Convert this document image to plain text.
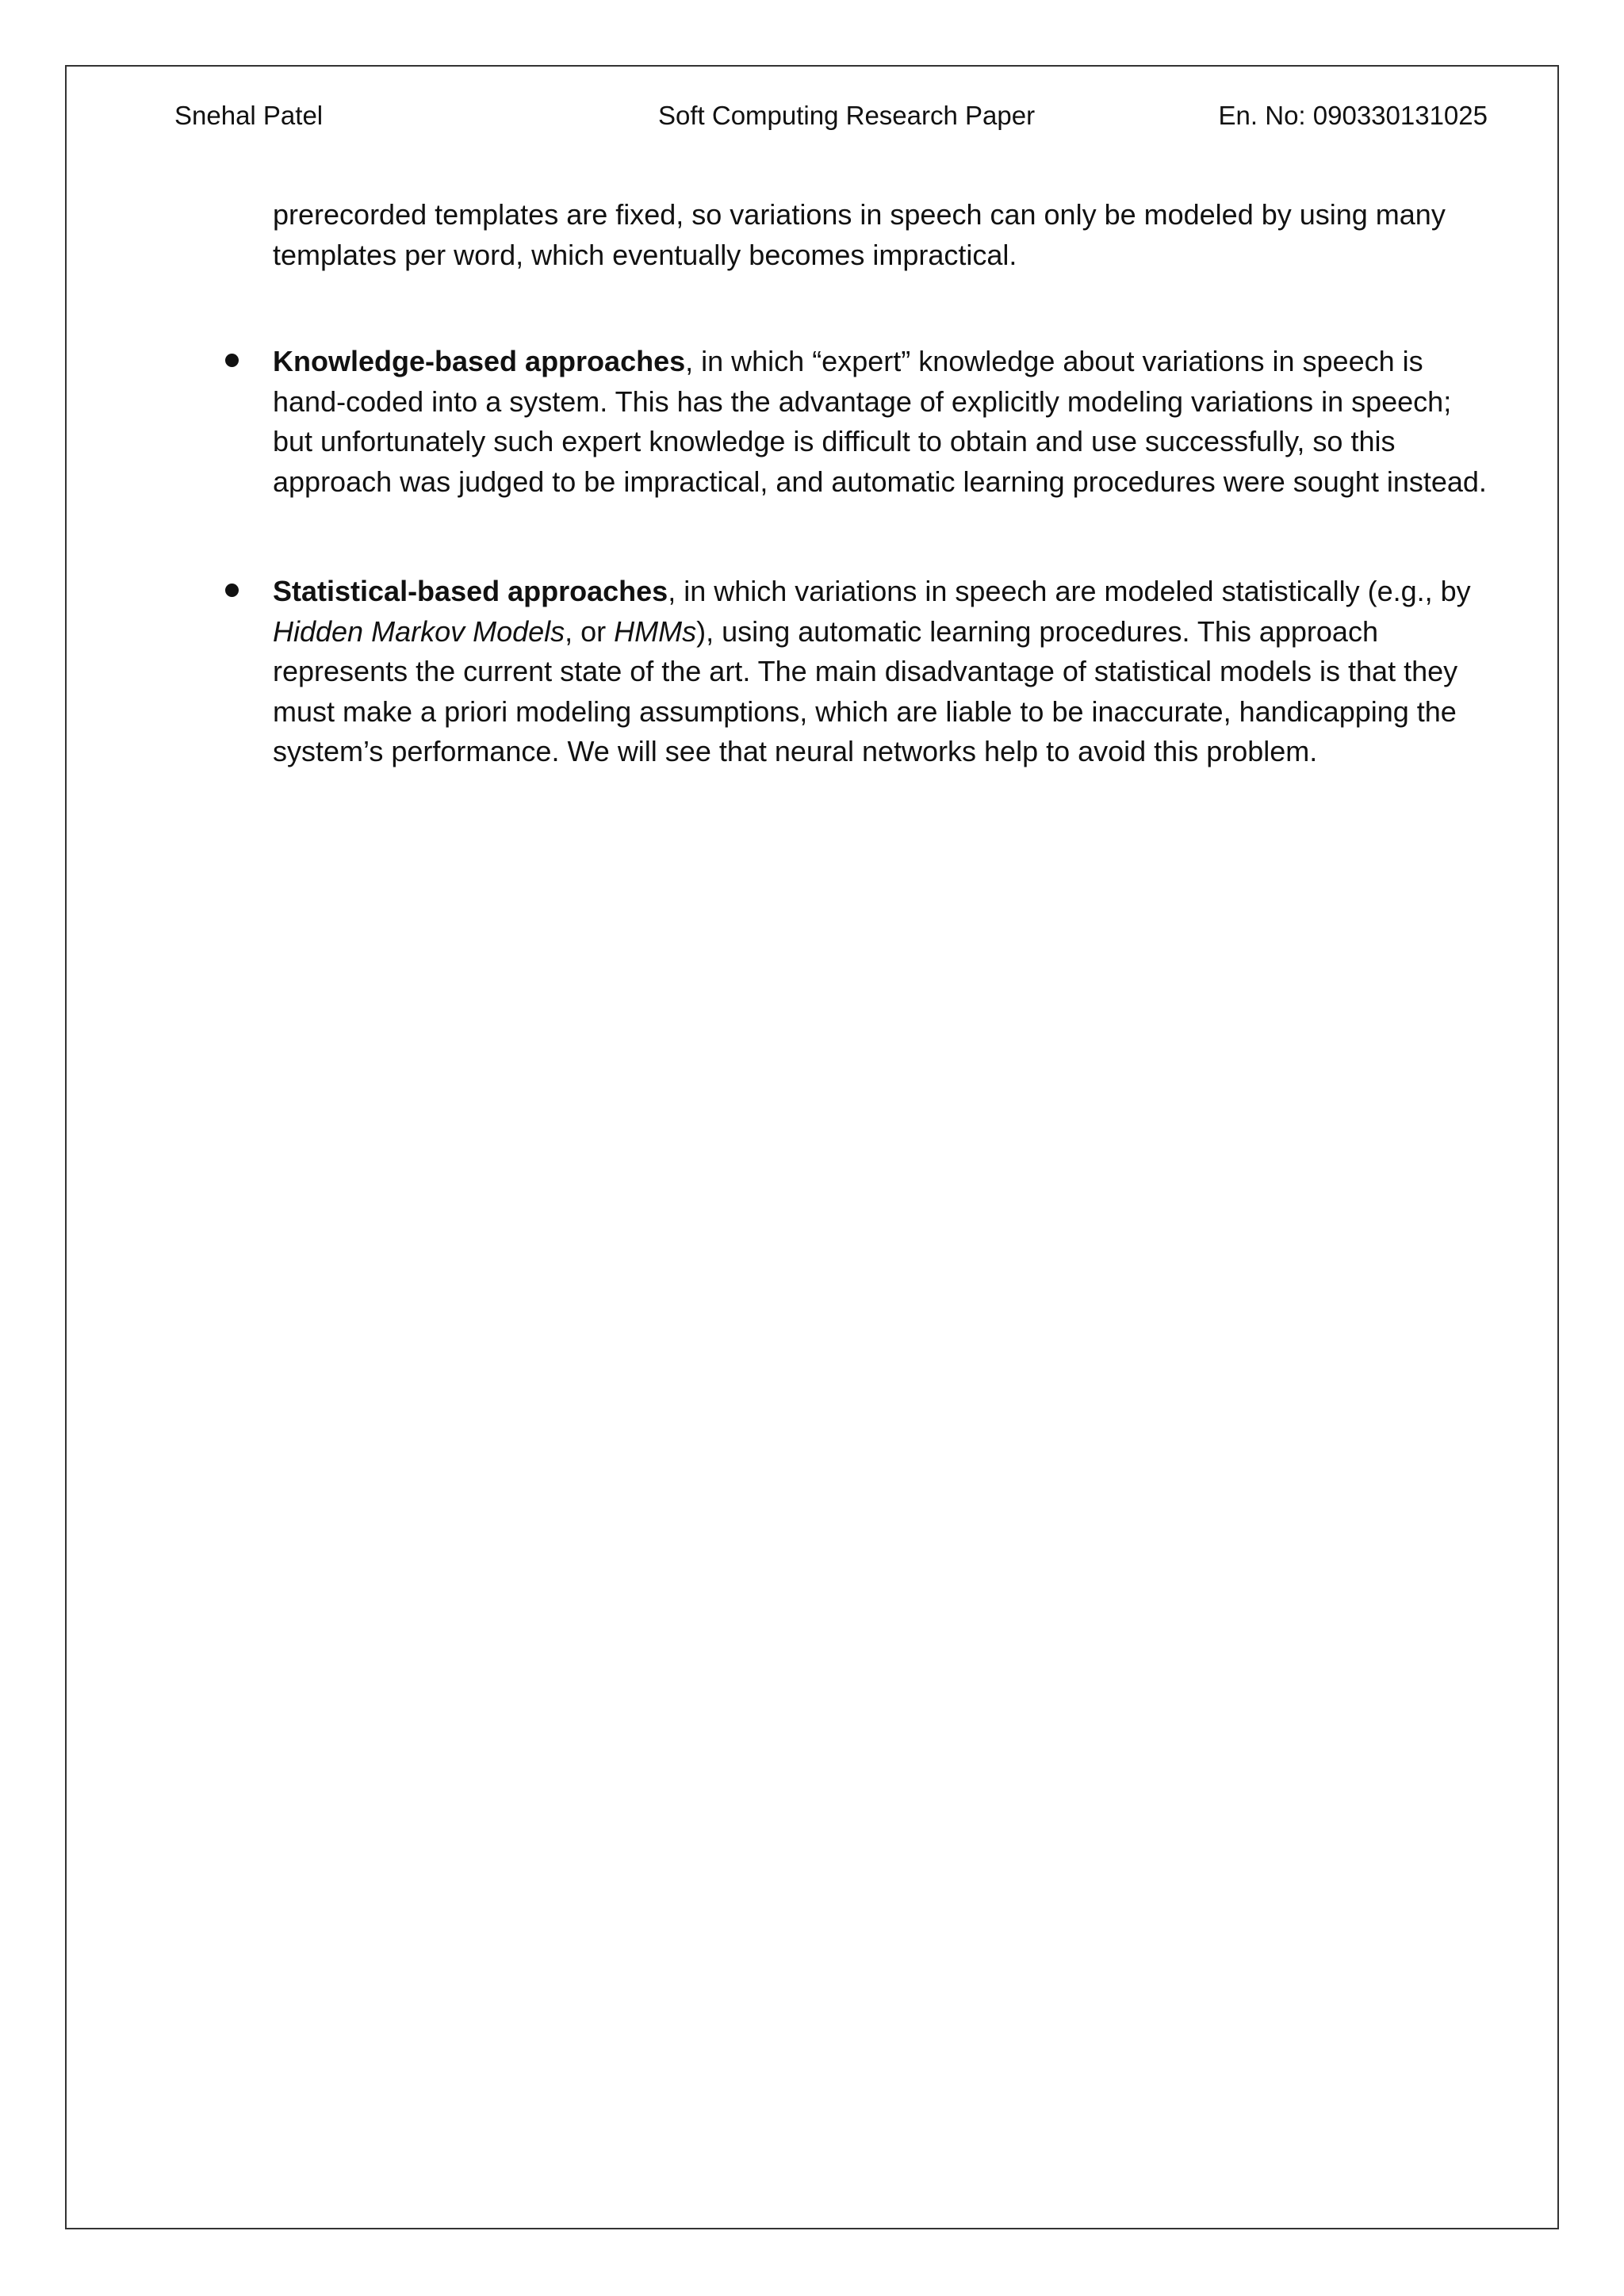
Snehal Patel	Soft Computing Research Paper	En. No: 090330131025

prerecorded templates are fixed, so variations in speech can only be modeled by using many templates per word, which eventually becomes impractical.

Knowledge-based approaches, in which “expert” knowledge about variations in speech is hand-coded into a system. This has the advantage of explicitly modeling variations in speech; but unfortunately such expert knowledge is difficult to obtain and use successfully, so this approach was judged to be impractical, and automatic learning procedures were sought instead.
Statistical-based approaches, in which variations in speech are modeled statistically (e.g., by Hidden Markov Models, or HMMs), using automatic learning procedures. This approach represents the current state of the art. The main disadvantage of statistical models is that they must make a priori modeling assumptions, which are liable to be inaccurate, handicapping the system’s performance. We will see that neural networks help to avoid this problem.
